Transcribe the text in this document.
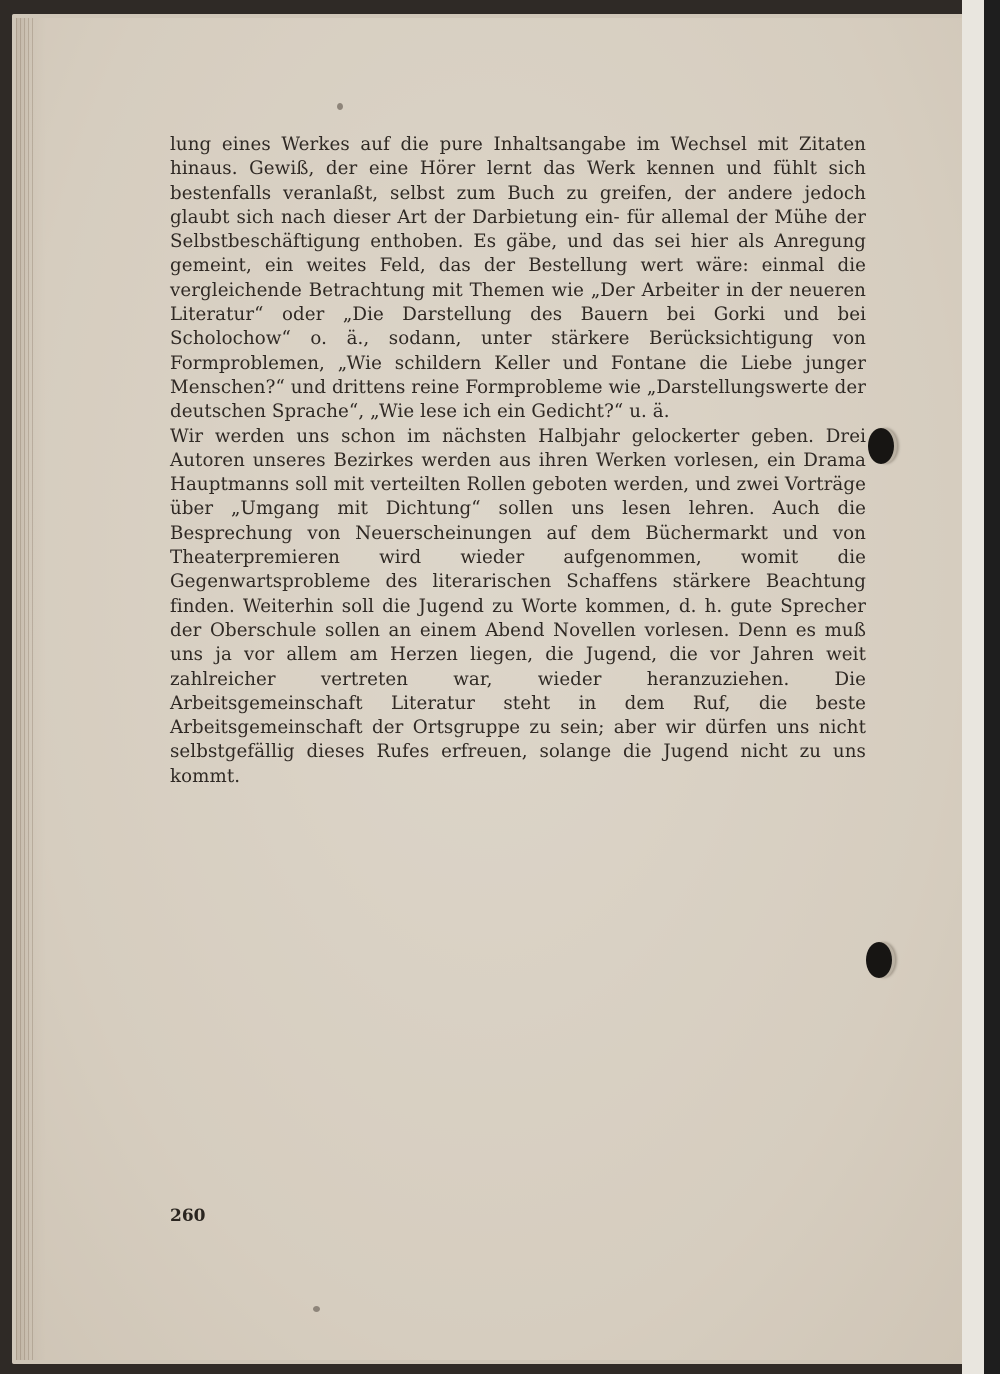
lung eines Werkes auf die pure Inhaltsangabe im Wechsel mit Zitaten hinaus. Gewiß, der eine Hörer lernt das Werk kennen und fühlt sich bestenfalls veranlaßt, selbst zum Buch zu greifen, der andere jedoch glaubt sich nach dieser Art der Darbietung ein- für allemal der Mühe der Selbstbeschäftigung enthoben. Es gäbe, und das sei hier als Anregung gemeint, ein weites Feld, das der Bestellung wert wäre: einmal die vergleichende Betrachtung mit Themen wie „Der Arbeiter in der neueren Literatur“ oder „Die Darstellung des Bauern bei Gorki und bei Scholochow“ o. ä., sodann, unter stärkere Berücksichtigung von Formproblemen, „Wie schildern Keller und Fontane die Liebe junger Menschen?“ und drittens reine Formprobleme wie „Darstellungswerte der deutschen Sprache“, „Wie lese ich ein Gedicht?“ u. ä.

Wir werden uns schon im nächsten Halbjahr gelockerter geben. Drei Autoren unseres Bezirkes werden aus ihren Werken vorlesen, ein Drama Hauptmanns soll mit verteilten Rollen geboten werden, und zwei Vorträge über „Umgang mit Dichtung“ sollen uns lesen lehren. Auch die Besprechung von Neuerscheinungen auf dem Büchermarkt und von Theaterpremieren wird wieder aufgenommen, womit die Gegenwartsprobleme des literarischen Schaffens stärkere Beachtung finden. Weiterhin soll die Jugend zu Worte kommen, d. h. gute Sprecher der Oberschule sollen an einem Abend Novellen vorlesen. Denn es muß uns ja vor allem am Herzen liegen, die Jugend, die vor Jahren weit zahlreicher vertreten war, wieder heranzuziehen. Die Arbeitsgemeinschaft Literatur steht in dem Ruf, die beste Arbeitsgemeinschaft der Ortsgruppe zu sein; aber wir dürfen uns nicht selbstgefällig dieses Rufes erfreuen, solange die Jugend nicht zu uns kommt.

260
